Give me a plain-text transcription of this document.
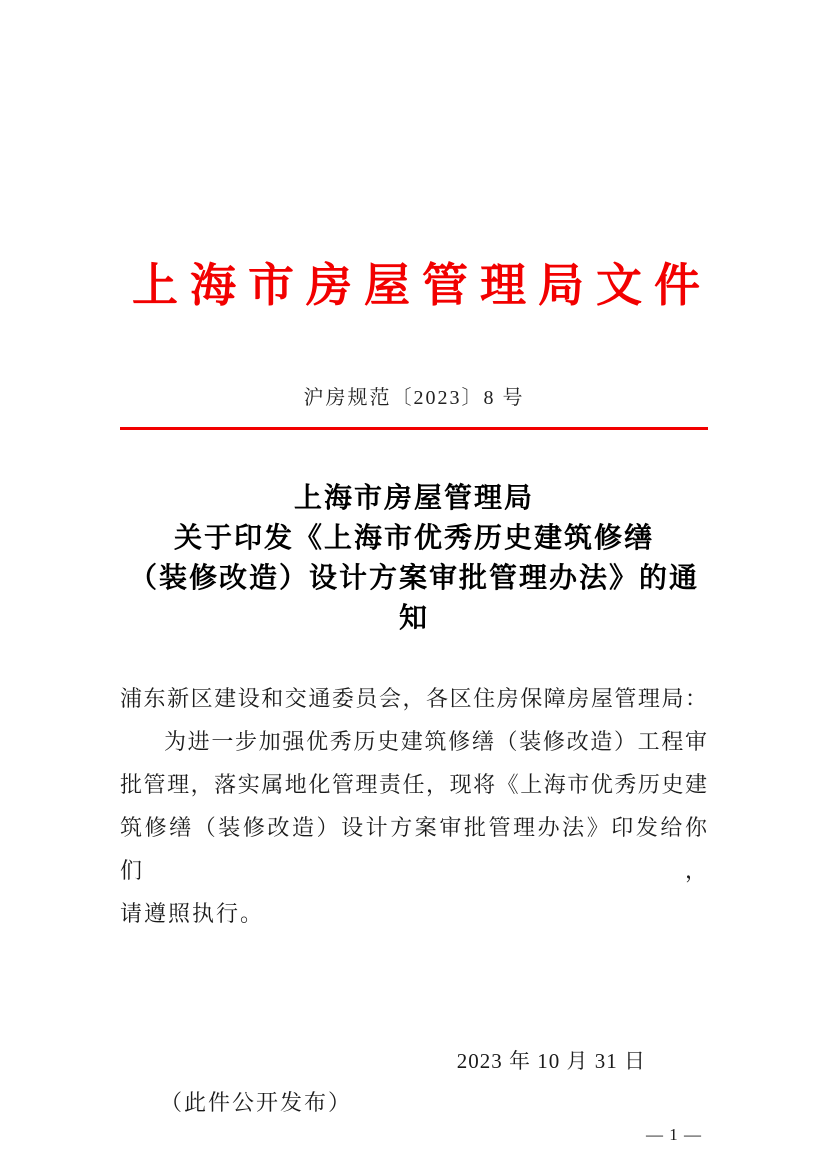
上海市房屋管理局文件
沪房规范〔2023〕8 号
上海市房屋管理局
关于印发《上海市优秀历史建筑修缮
（装修改造）设计方案审批管理办法》的通知
浦东新区建设和交通委员会，各区住房保障房屋管理局：
为进一步加强优秀历史建筑修缮（装修改造）工程审
批管理，落实属地化管理责任，现将《上海市优秀历史建
筑修缮（装修改造）设计方案审批管理办法》印发给你们，
请遵照执行。
2023 年 10 月 31 日
（此件公开发布）
— 1 —
